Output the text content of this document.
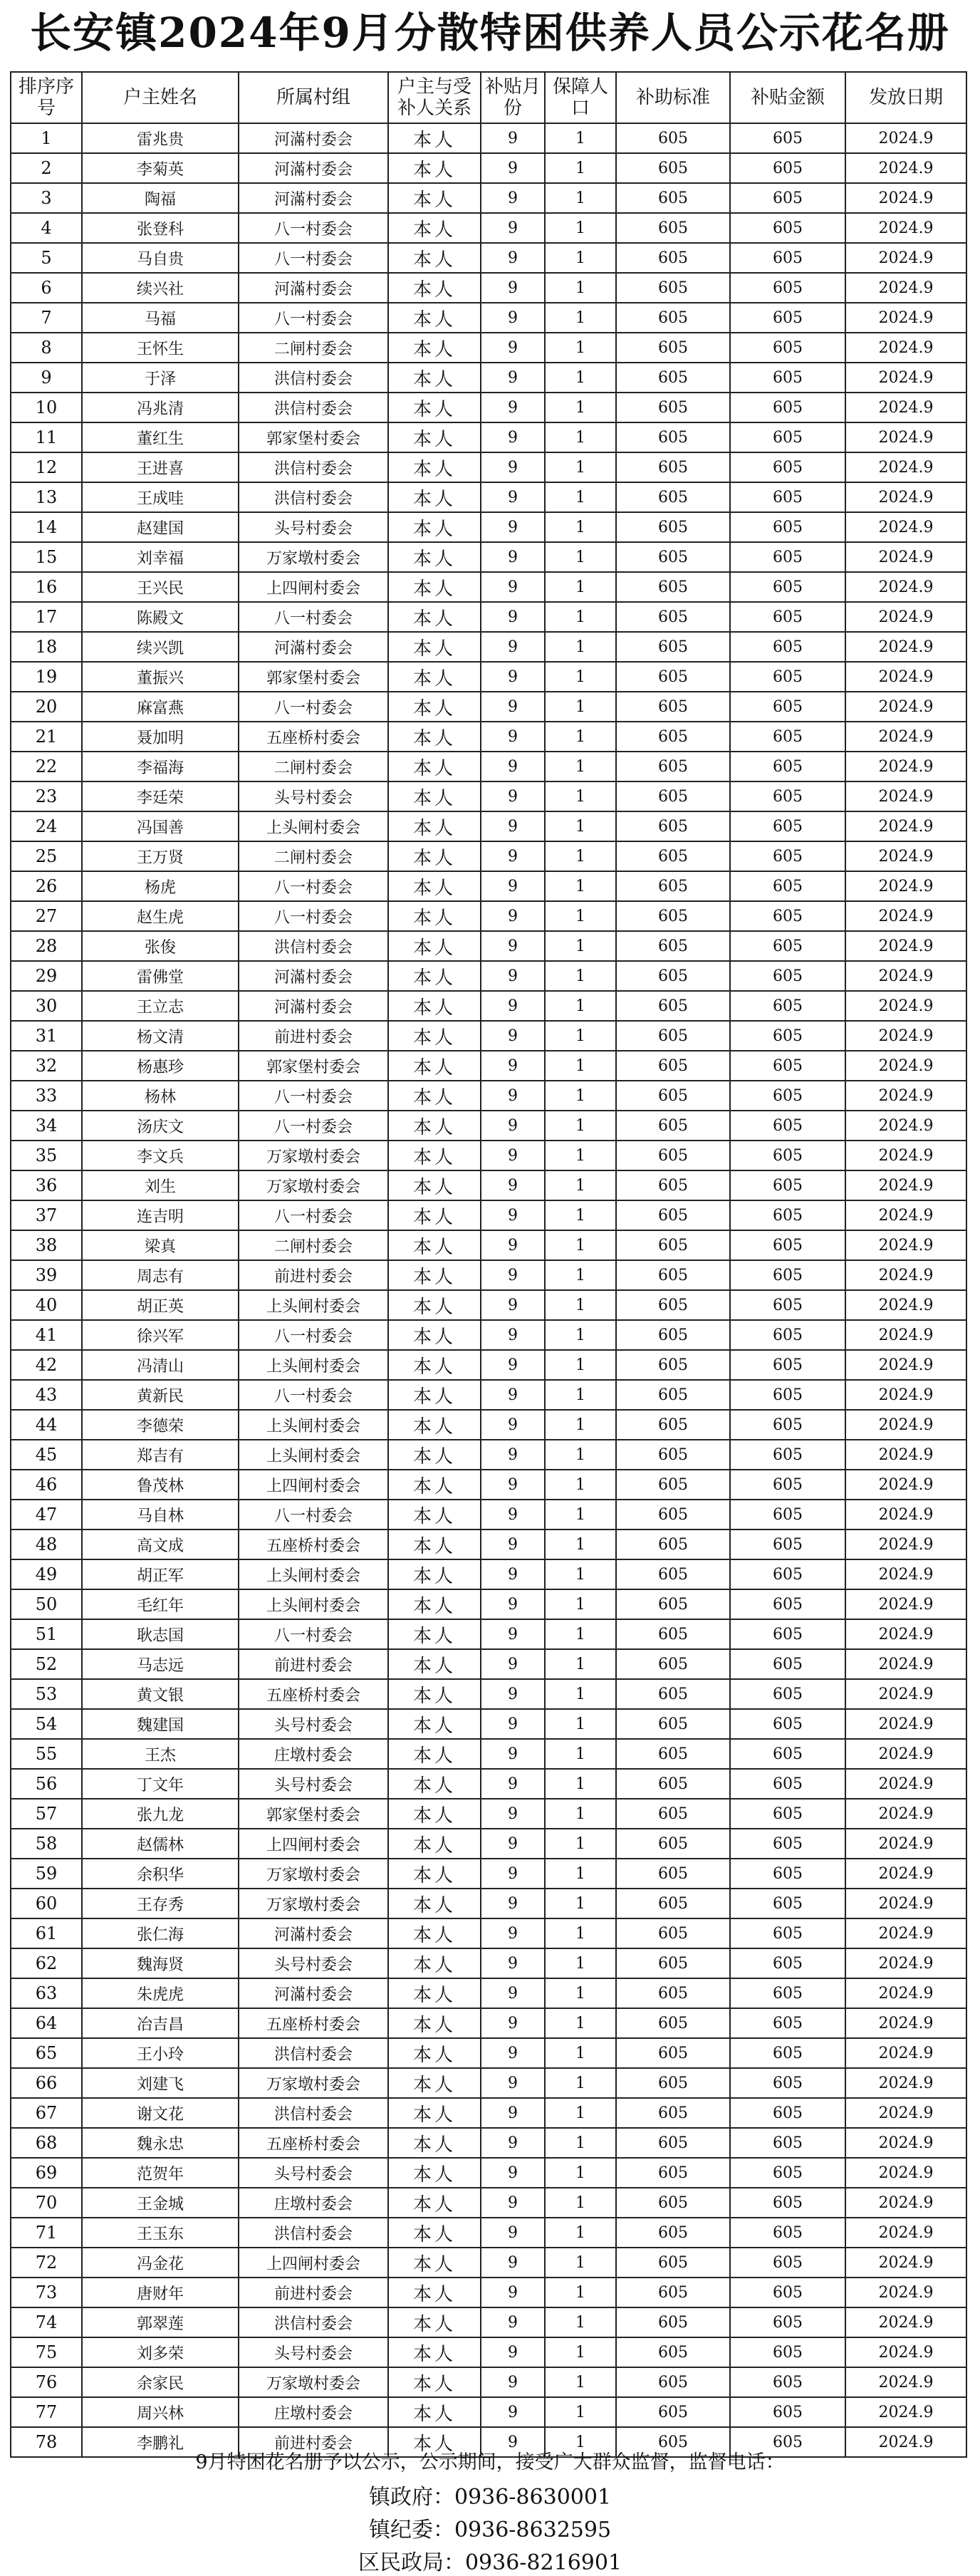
长安镇2024年9月分散特困供养人员公示花名册
排序序号	户主姓名	所属村组	户主与受补人关系	补贴月份	保障人口	补助标准	补贴金额	发放日期
1	雷兆贵	河滿村委会	本人	9	1	605	605	2024.9
2	李菊英	河滿村委会	本人	9	1	605	605	2024.9
3	陶福	河滿村委会	本人	9	1	605	605	2024.9
4	张登科	八一村委会	本人	9	1	605	605	2024.9
5	马自贵	八一村委会	本人	9	1	605	605	2024.9
6	续兴社	河滿村委会	本人	9	1	605	605	2024.9
7	马福	八一村委会	本人	9	1	605	605	2024.9
8	王怀生	二闸村委会	本人	9	1	605	605	2024.9
9	于泽	洪信村委会	本人	9	1	605	605	2024.9
10	冯兆清	洪信村委会	本人	9	1	605	605	2024.9
11	董红生	郭家堡村委会	本人	9	1	605	605	2024.9
12	王进喜	洪信村委会	本人	9	1	605	605	2024.9
13	王成哇	洪信村委会	本人	9	1	605	605	2024.9
14	赵建国	头号村委会	本人	9	1	605	605	2024.9
15	刘幸福	万家墩村委会	本人	9	1	605	605	2024.9
16	王兴民	上四闸村委会	本人	9	1	605	605	2024.9
17	陈殿文	八一村委会	本人	9	1	605	605	2024.9
18	续兴凯	河滿村委会	本人	9	1	605	605	2024.9
19	董振兴	郭家堡村委会	本人	9	1	605	605	2024.9
20	麻富燕	八一村委会	本人	9	1	605	605	2024.9
21	聂加明	五座桥村委会	本人	9	1	605	605	2024.9
22	李福海	二闸村委会	本人	9	1	605	605	2024.9
23	李廷荣	头号村委会	本人	9	1	605	605	2024.9
24	冯国善	上头闸村委会	本人	9	1	605	605	2024.9
25	王万贤	二闸村委会	本人	9	1	605	605	2024.9
26	杨虎	八一村委会	本人	9	1	605	605	2024.9
27	赵生虎	八一村委会	本人	9	1	605	605	2024.9
28	张俊	洪信村委会	本人	9	1	605	605	2024.9
29	雷佛堂	河滿村委会	本人	9	1	605	605	2024.9
30	王立志	河滿村委会	本人	9	1	605	605	2024.9
31	杨文清	前进村委会	本人	9	1	605	605	2024.9
32	杨惠珍	郭家堡村委会	本人	9	1	605	605	2024.9
33	杨林	八一村委会	本人	9	1	605	605	2024.9
34	汤庆文	八一村委会	本人	9	1	605	605	2024.9
35	李文兵	万家墩村委会	本人	9	1	605	605	2024.9
36	刘生	万家墩村委会	本人	9	1	605	605	2024.9
37	连吉明	八一村委会	本人	9	1	605	605	2024.9
38	梁真	二闸村委会	本人	9	1	605	605	2024.9
39	周志有	前进村委会	本人	9	1	605	605	2024.9
40	胡正英	上头闸村委会	本人	9	1	605	605	2024.9
41	徐兴军	八一村委会	本人	9	1	605	605	2024.9
42	冯清山	上头闸村委会	本人	9	1	605	605	2024.9
43	黄新民	八一村委会	本人	9	1	605	605	2024.9
44	李德荣	上头闸村委会	本人	9	1	605	605	2024.9
45	郑吉有	上头闸村委会	本人	9	1	605	605	2024.9
46	鲁茂林	上四闸村委会	本人	9	1	605	605	2024.9
47	马自林	八一村委会	本人	9	1	605	605	2024.9
48	高文成	五座桥村委会	本人	9	1	605	605	2024.9
49	胡正军	上头闸村委会	本人	9	1	605	605	2024.9
50	毛红年	上头闸村委会	本人	9	1	605	605	2024.9
51	耿志国	八一村委会	本人	9	1	605	605	2024.9
52	马志远	前进村委会	本人	9	1	605	605	2024.9
53	黄文银	五座桥村委会	本人	9	1	605	605	2024.9
54	魏建国	头号村委会	本人	9	1	605	605	2024.9
55	王杰	庄墩村委会	本人	9	1	605	605	2024.9
56	丁文年	头号村委会	本人	9	1	605	605	2024.9
57	张九龙	郭家堡村委会	本人	9	1	605	605	2024.9
58	赵儒林	上四闸村委会	本人	9	1	605	605	2024.9
59	余积华	万家墩村委会	本人	9	1	605	605	2024.9
60	王存秀	万家墩村委会	本人	9	1	605	605	2024.9
61	张仁海	河滿村委会	本人	9	1	605	605	2024.9
62	魏海贤	头号村委会	本人	9	1	605	605	2024.9
63	朱虎虎	河滿村委会	本人	9	1	605	605	2024.9
64	冶吉昌	五座桥村委会	本人	9	1	605	605	2024.9
65	王小玲	洪信村委会	本人	9	1	605	605	2024.9
66	刘建飞	万家墩村委会	本人	9	1	605	605	2024.9
67	谢文花	洪信村委会	本人	9	1	605	605	2024.9
68	魏永忠	五座桥村委会	本人	9	1	605	605	2024.9
69	范贺年	头号村委会	本人	9	1	605	605	2024.9
70	王金城	庄墩村委会	本人	9	1	605	605	2024.9
71	王玉东	洪信村委会	本人	9	1	605	605	2024.9
72	冯金花	上四闸村委会	本人	9	1	605	605	2024.9
73	唐财年	前进村委会	本人	9	1	605	605	2024.9
74	郭翠莲	洪信村委会	本人	9	1	605	605	2024.9
75	刘多荣	头号村委会	本人	9	1	605	605	2024.9
76	余家民	万家墩村委会	本人	9	1	605	605	2024.9
77	周兴林	庄墩村委会	本人	9	1	605	605	2024.9
78	李鹏礼	前进村委会	本人	9	1	605	605	2024.9
9月特困花名册予以公示，公示期间，接受广大群众监督，监督电话：
镇政府：0936-8630001
镇纪委：0936-8632595
区民政局：0936-8216901
